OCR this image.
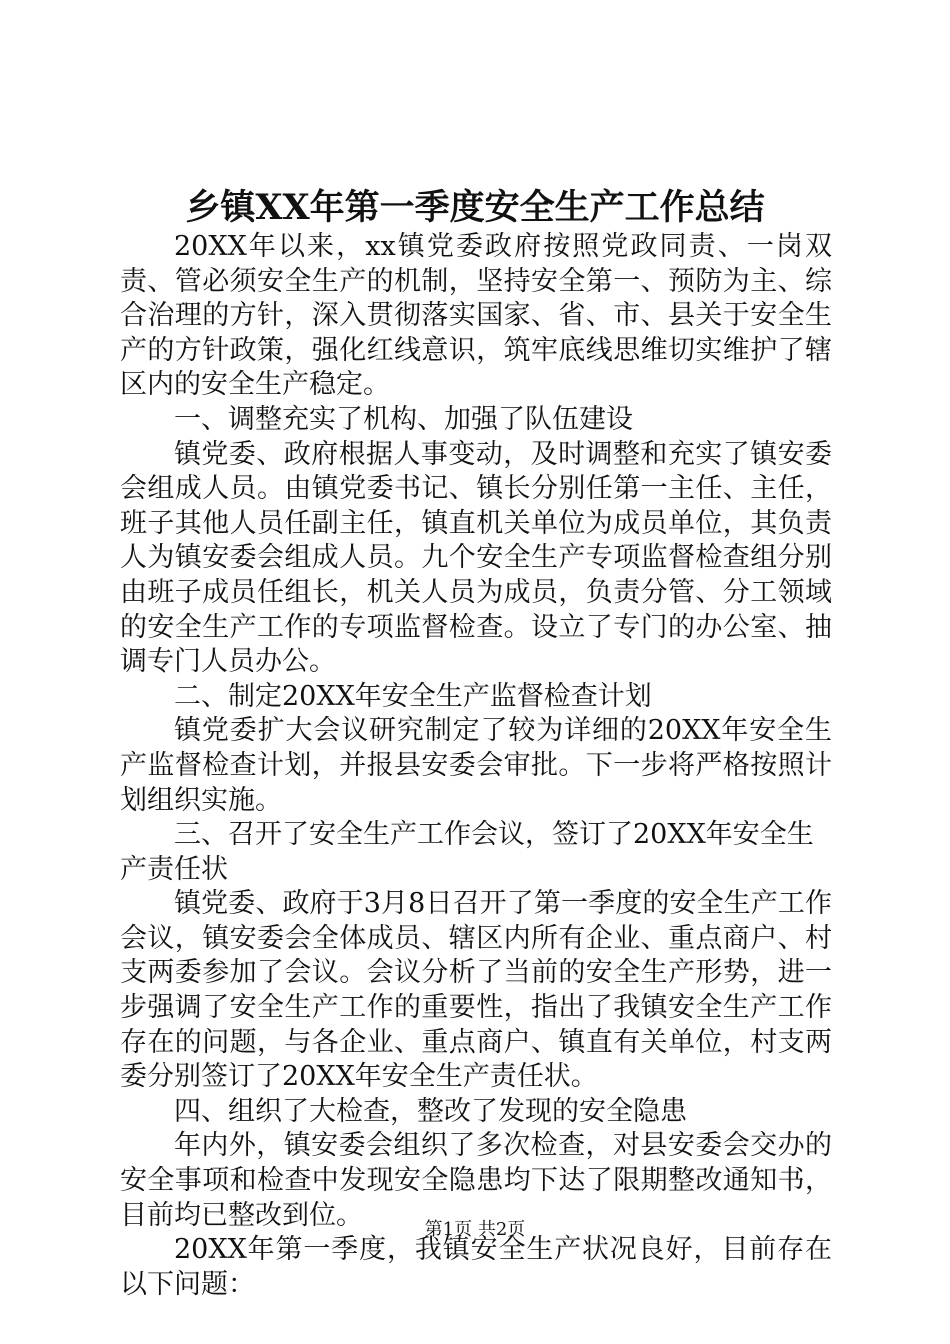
乡镇XX年第一季度安全生产工作总结

20XX年以来，xx镇党委政府按照党政同责、一岗双责、管必须安全生产的机制，坚持安全第一、预防为主、综合治理的方针，深入贯彻落实国家、省、市、县关于安全生产的方针政策，强化红线意识，筑牢底线思维切实维护了辖区内的安全生产稳定。

一、调整充实了机构、加强了队伍建设

镇党委、政府根据人事变动，及时调整和充实了镇安委会组成人员。由镇党委书记、镇长分别任第一主任、主任，班子其他人员任副主任，镇直机关单位为成员单位，其负责人为镇安委会组成人员。九个安全生产专项监督检查组分别由班子成员任组长，机关人员为成员，负责分管、分工领域的安全生产工作的专项监督检查。设立了专门的办公室、抽调专门人员办公。

二、制定20XX年安全生产监督检查计划

镇党委扩大会议研究制定了较为详细的20XX年安全生产监督检查计划，并报县安委会审批。下一步将严格按照计划组织实施。

三、召开了安全生产工作会议，签订了20XX年安全生产责任状

镇党委、政府于3月8日召开了第一季度的安全生产工作会议，镇安委会全体成员、辖区内所有企业、重点商户、村支两委参加了会议。会议分析了当前的安全生产形势，进一步强调了安全生产工作的重要性，指出了我镇安全生产工作存在的问题，与各企业、重点商户、镇直有关单位，村支两委分别签订了20XX年安全生产责任状。

四、组织了大检查，整改了发现的安全隐患

年内外，镇安委会组织了多次检查，对县安委会交办的安全事项和检查中发现安全隐患均下达了限期整改通知书，目前均已整改到位。

20XX年第一季度，我镇安全生产状况良好，目前存在以下问题：

第1页 共2页
